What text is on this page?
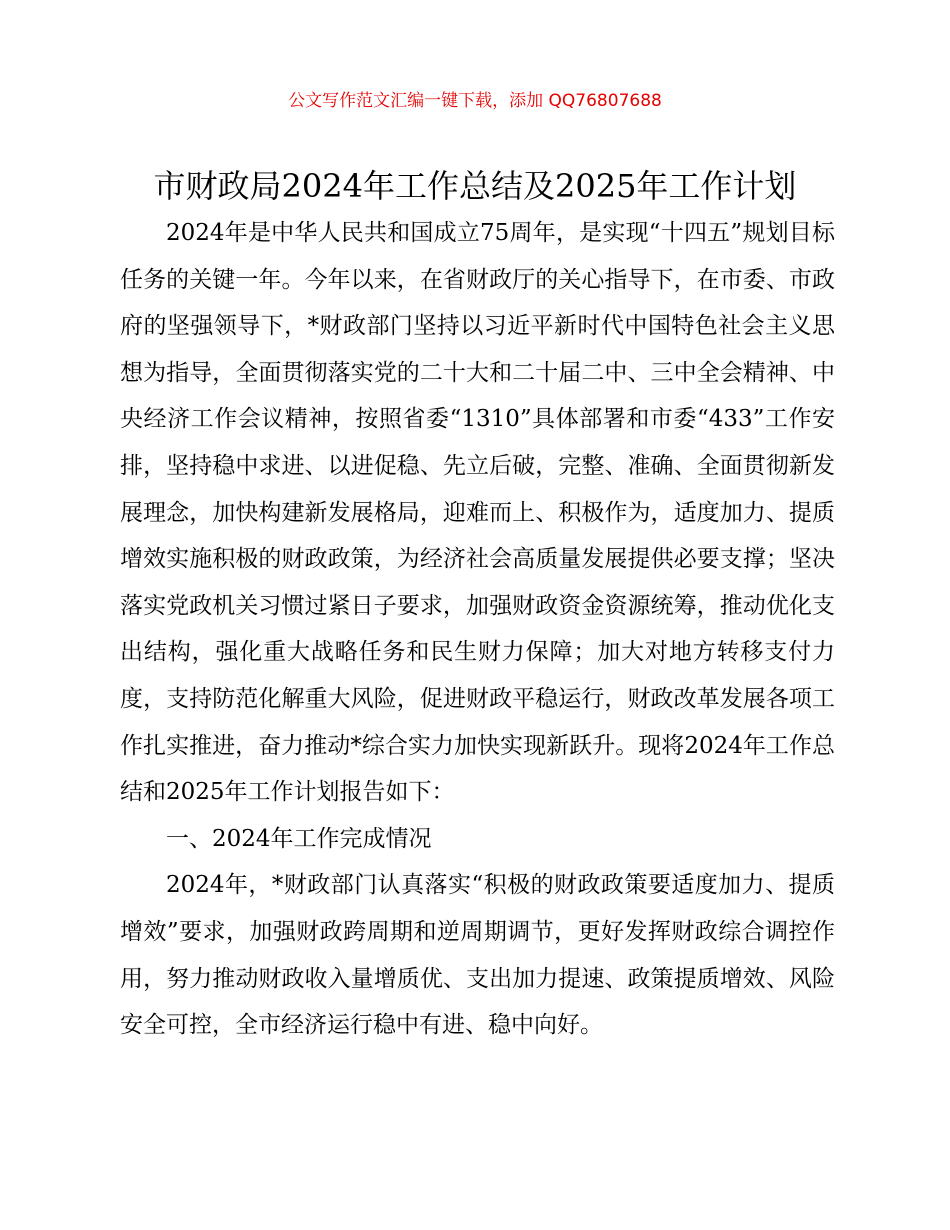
公文写作范文汇编一键下载，添加 QQ76807688
市财政局2024年工作总结及2025年工作计划

2024年是中华人民共和国成立75周年，是实现“十四五”规划目标任务的关键一年。今年以来，在省财政厅的关心指导下，在市委、市政府的坚强领导下，*财政部门坚持以习近平新时代中国特色社会主义思想为指导，全面贯彻落实党的二十大和二十届二中、三中全会精神、中央经济工作会议精神，按照省委“1310”具体部署和市委“433”工作安排，坚持稳中求进、以进促稳、先立后破，完整、准确、全面贯彻新发展理念，加快构建新发展格局，迎难而上、积极作为，适度加力、提质增效实施积极的财政政策，为经济社会高质量发展提供必要支撑；坚决落实党政机关习惯过紧日子要求，加强财政资金资源统筹，推动优化支出结构，强化重大战略任务和民生财力保障；加大对地方转移支付力度，支持防范化解重大风险，促进财政平稳运行，财政改革发展各项工作扎实推进，奋力推动*综合实力加快实现新跃升。现将2024年工作总结和2025年工作计划报告如下：

一、2024年工作完成情况

2024年，*财政部门认真落实“积极的财政政策要适度加力、提质增效”要求，加强财政跨周期和逆周期调节，更好发挥财政综合调控作用，努力推动财政收入量增质优、支出加力提速、政策提质增效、风险安全可控，全市经济运行稳中有进、稳中向好。
